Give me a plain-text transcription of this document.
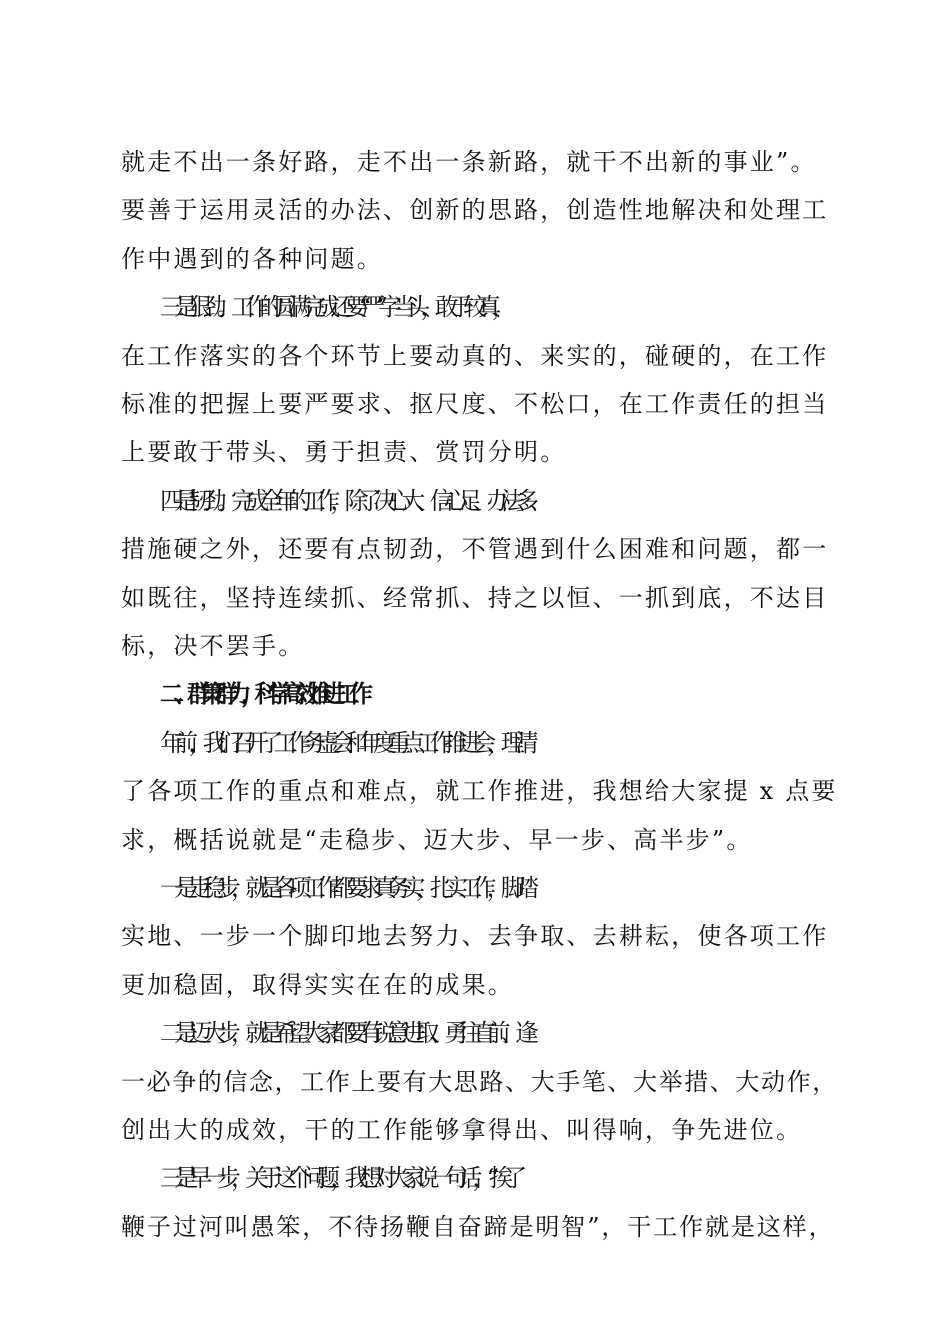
就走不出一条好路，走不出一条新路，就干不出新的事业”。
要善于运用灵活的办法、创新的思路，创造性地解决和处理工
作中遇到的各种问题。
三是狠劲。工作的圆满完成还要“严”字当头，敢于较真，
在工作落实的各个环节上要动真的、来实的，碰硬的，在工作
标准的把握上要严要求、抠尺度、不松口，在工作责任的担当
上要敢于带头、勇于担责、赏罚分明。
四是韧劲。完成全年的工作，除了决心大、信心足、办法多、
措施硬之外，还要有点韧劲，不管遇到什么困难和问题，都一
如既往，坚持连续抓、经常抓、持之以恒、一抓到底，不达目
标，决不罢手。
二、群策群力，科学高效推进工作
年前，我们召开了工作务虚会和年度重点工作推进会，理清
了各项工作的重点和难点，就工作推进，我想给大家提 x 点要
求，概括说就是“走稳步、迈大步、早一步、高半步”。
一是走稳步，就是各项工作都要求真务实，扎实工作，脚踏
实地、一步一个脚印地去努力、去争取、去耕耘，使各项工作
更加稳固，取得实实在在的成果。
二是迈大步，就是希望大家都要有锐意进取、勇往直前、逢
一必争的信念，工作上要有大思路、大手笔、大举措、大动作，
创出大的成效，干的工作能够拿得出、叫得响，争先进位。
三是早一步，关于这个问题，我想对大家说一句话，“挨了
鞭子过河叫愚笨，不待扬鞭自奋蹄是明智”，干工作就是这样，
